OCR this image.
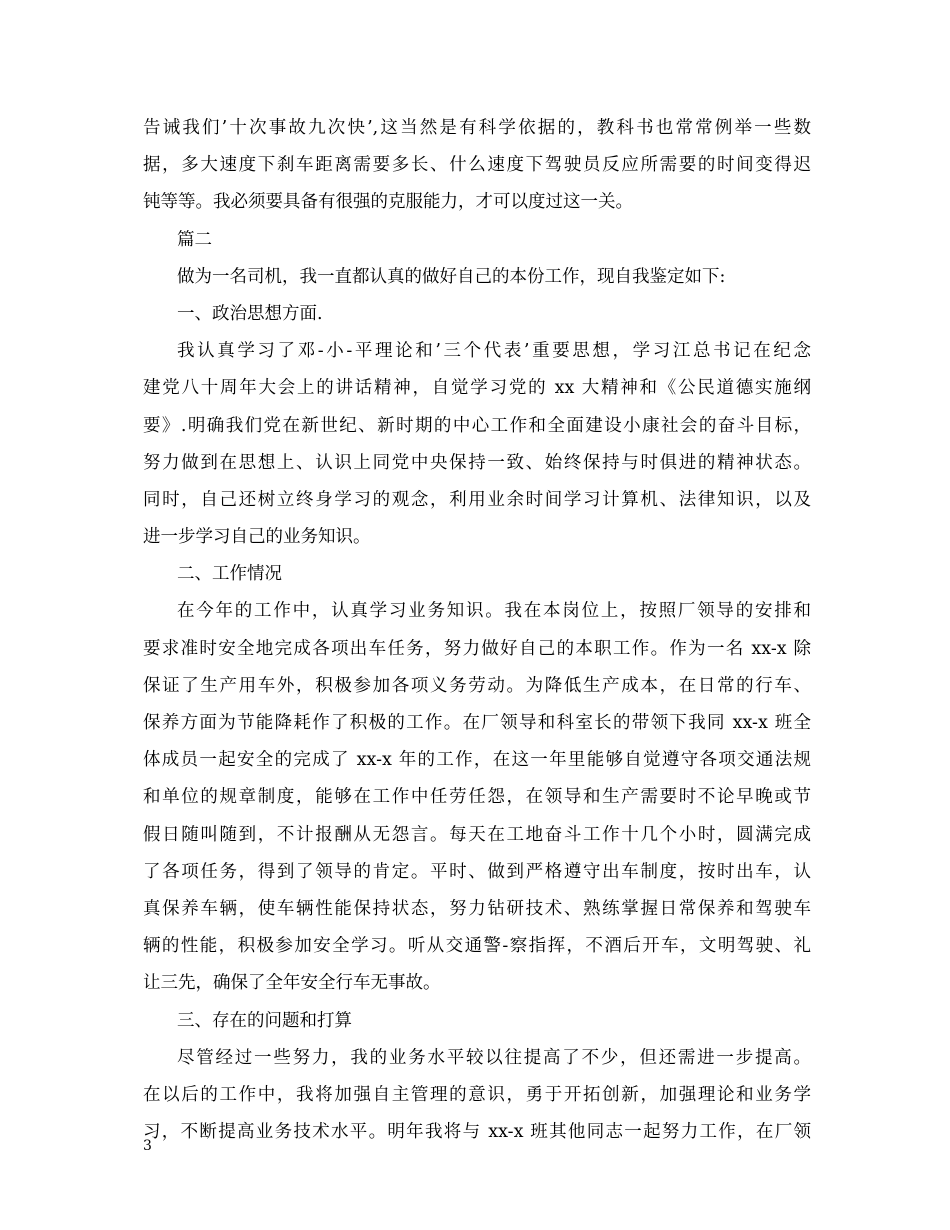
告诫我们’十次事故九次快’,这当然是有科学依据的，教科书也常常例举一些数
据，多大速度下刹车距离需要多长、什么速度下驾驶员反应所需要的时间变得迟
钝等等。我必须要具备有很强的克服能力，才可以度过这一关。
篇二
做为一名司机，我一直都认真的做好自己的本份工作，现自我鉴定如下:
一、政治思想方面.
我认真学习了邓-小-平理论和’三个代表’重要思想，学习江总书记在纪念
建党八十周年大会上的讲话精神，自觉学习党的 xx 大精神和《公民道德实施纲
要》.明确我们党在新世纪、新时期的中心工作和全面建设小康社会的奋斗目标，
努力做到在思想上、认识上同党中央保持一致、始终保持与时俱进的精神状态。
同时，自己还树立终身学习的观念，利用业余时间学习计算机、法律知识，以及
进一步学习自己的业务知识。
二、工作情况
在今年的工作中，认真学习业务知识。我在本岗位上，按照厂领导的安排和
要求准时安全地完成各项出车任务，努力做好自己的本职工作。作为一名 xx-x 除
保证了生产用车外，积极参加各项义务劳动。为降低生产成本，在日常的行车、
保养方面为节能降耗作了积极的工作。在厂领导和科室长的带领下我同 xx-x 班全
体成员一起安全的完成了 xx-x 年的工作，在这一年里能够自觉遵守各项交通法规
和单位的规章制度，能够在工作中任劳任怨，在领导和生产需要时不论早晚或节
假日随叫随到，不计报酬从无怨言。每天在工地奋斗工作十几个小时，圆满完成
了各项任务，得到了领导的肯定。平时、做到严格遵守出车制度，按时出车，认
真保养车辆，使车辆性能保持状态，努力钻研技术、熟练掌握日常保养和驾驶车
辆的性能，积极参加安全学习。听从交通警-察指挥，不酒后开车，文明驾驶、礼
让三先，确保了全年安全行车无事故。
三、存在的问题和打算
尽管经过一些努力，我的业务水平较以往提高了不少，但还需进一步提高。
在以后的工作中，我将加强自主管理的意识，勇于开拓创新，加强理论和业务学
习，不断提高业务技术水平。明年我将与 xx-x 班其他同志一起努力工作，在厂领
3
